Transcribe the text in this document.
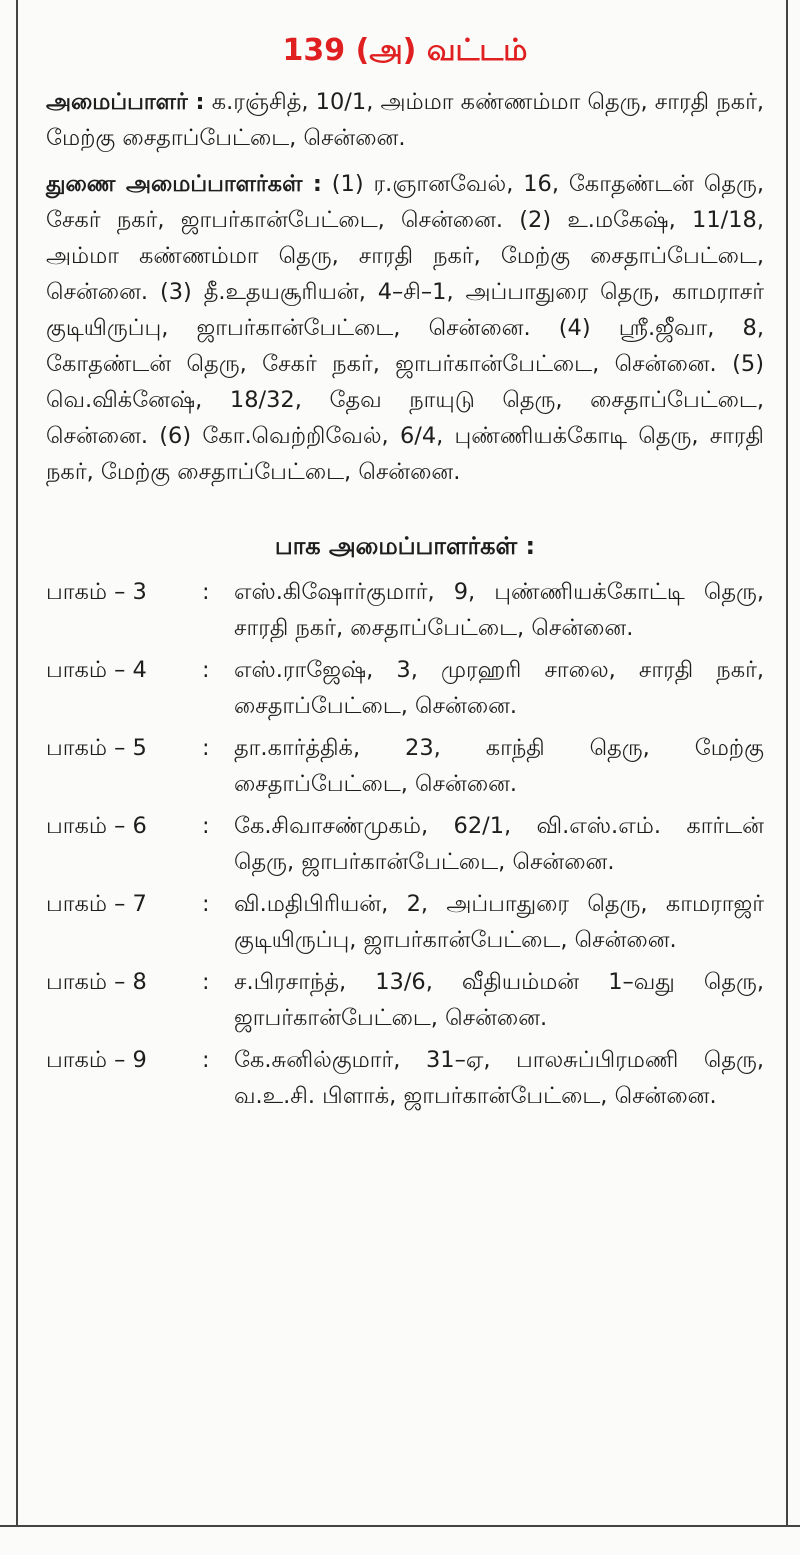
139 (அ) வட்டம்

அமைப்பாளர் : க.ரஞ்சித், 10/1, அம்மா கண்ணம்மா தெரு, சாரதி நகர், மேற்கு சைதாப்பேட்டை, சென்னை.

துணை அமைப்பாளர்கள் : (1) ர.ஞானவேல், 16, கோதண்டன் தெரு, சேகர் நகர், ஜாபர்கான்பேட்டை, சென்னை. (2) உ.மகேஷ், 11/18, அம்மா கண்ணம்மா தெரு, சாரதி நகர், மேற்கு சைதாப்பேட்டை, சென்னை. (3) தீ.உதயசூரியன், 4–சி–1, அப்பாதுரை தெரு, காமராசர் குடியிருப்பு, ஜாபர்கான்பேட்டை, சென்னை. (4) ஸ்ரீ.ஜீவா, 8, கோதண்டன் தெரு, சேகர் நகர், ஜாபர்கான்பேட்டை, சென்னை. (5) வெ.விக்னேஷ், 18/32, தேவ நாயுடு தெரு, சைதாப்பேட்டை, சென்னை. (6) கோ.வெற்றிவேல், 6/4, புண்ணியக்கோடி தெரு, சாரதி நகர், மேற்கு சைதாப்பேட்டை, சென்னை.

பாக அமைப்பாளர்கள் :
பாகம் – 3	:	எஸ்.கிஷோர்குமார், 9, புண்ணியக்கோட்டி தெரு, சாரதி நகர், சைதாப்பேட்டை, சென்னை.
பாகம் – 4	:	எஸ்.ராஜேஷ், 3, முரஹரி சாலை, சாரதி நகர், சைதாப்பேட்டை, சென்னை.
பாகம் – 5	:	தா.கார்த்திக், 23, காந்தி தெரு, மேற்கு சைதாப்பேட்டை, சென்னை.
பாகம் – 6	:	கே.சிவாசண்முகம், 62/1, வி.எஸ்.எம். கார்டன் தெரு, ஜாபர்கான்பேட்டை, சென்னை.
பாகம் – 7	:	வி.மதிபிரியன், 2, அப்பாதுரை தெரு, காமராஜர் குடியிருப்பு, ஜாபர்கான்பேட்டை, சென்னை.
பாகம் – 8	:	ச.பிரசாந்த், 13/6, வீதியம்மன் 1–வது தெரு, ஜாபர்கான்பேட்டை, சென்னை.
பாகம் – 9	:	கே.சுனில்குமார், 31–ஏ, பாலசுப்பிரமணி தெரு, வ.உ.சி. பிளாக், ஜாபர்கான்பேட்டை, சென்னை.
